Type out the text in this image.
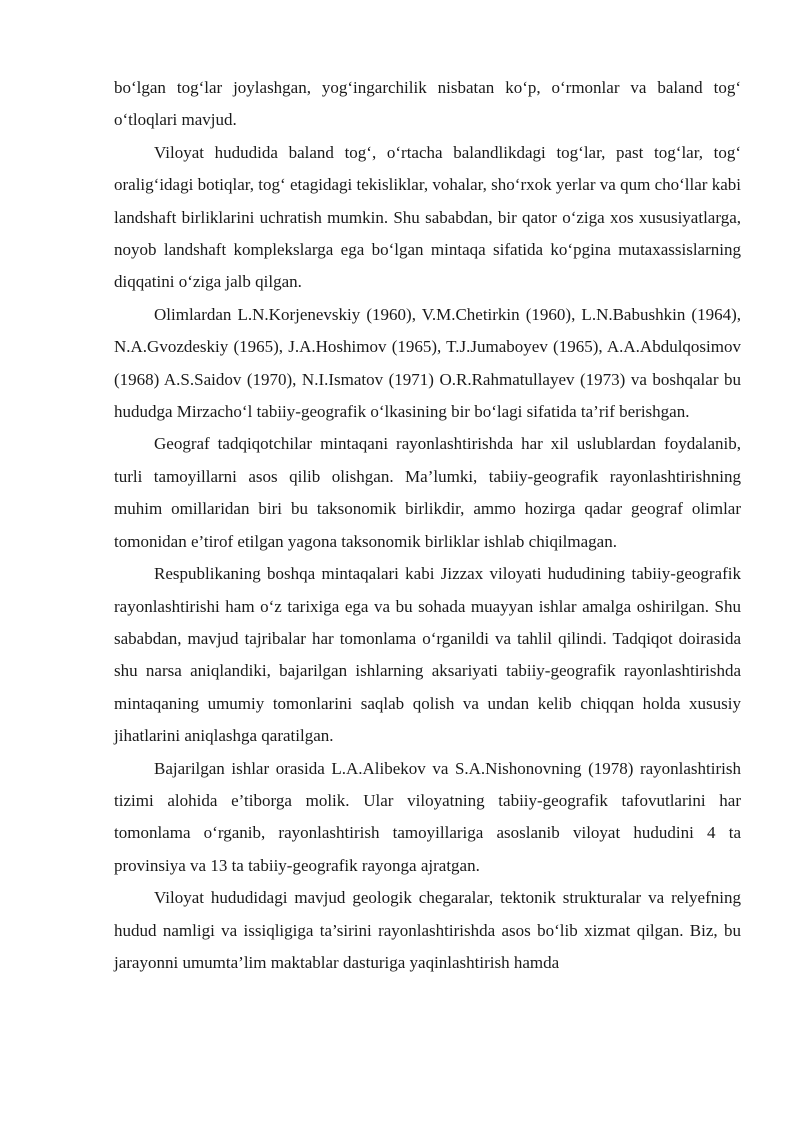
bo‘lgan tog‘lar joylashgan, yog‘ingarchilik nisbatan ko‘p, o‘rmonlar va baland tog‘ o‘tloqlari mavjud.

Viloyat hududida baland tog‘, o‘rtacha balandlikdagi tog‘lar, past tog‘lar, tog‘ oralig‘idagi botiqlar, tog‘ etagidagi tekisliklar, vohalar, sho‘rxok yerlar va qum cho‘llar kabi landshaft birliklarini uchratish mumkin. Shu sababdan, bir qator o‘ziga xos xususiyatlarga, noyob landshaft komplekslarga ega bo‘lgan mintaqa sifatida ko‘pgina mutaxassislarning diqqatini o‘ziga jalb qilgan.

Olimlardan L.N.Korjenevskiy (1960), V.M.Chetirkin (1960), L.N.Babushkin (1964), N.A.Gvozdeskiy (1965), J.A.Hoshimov (1965), T.J.Jumaboyev (1965), A.A.Abdulqosimov (1968) A.S.Saidov (1970), N.I.Ismatov (1971) O.R.Rahmatullayev (1973) va boshqalar bu hududga Mirzacho‘l tabiiy-geografik o‘lkasining bir bo‘lagi sifatida ta’rif berishgan.

Geograf tadqiqotchilar mintaqani rayonlashtirishda har xil uslublardan foydalanib, turli tamoyillarni asos qilib olishgan. Ma’lumki, tabiiy-geografik rayonlashtirishning muhim omillaridan biri bu taksonomik birlikdir, ammo hozirga qadar geograf olimlar tomonidan e’tirof etilgan yagona taksonomik birliklar ishlab chiqilmagan.

Respublikaning boshqa mintaqalari kabi Jizzax viloyati hududining tabiiy-geografik rayonlashtirishi ham o‘z tarixiga ega va bu sohada muayyan ishlar amalga oshirilgan. Shu sababdan, mavjud tajribalar har tomonlama o‘rganildi va tahlil qilindi. Tadqiqot doirasida shu narsa aniqlandiki, bajarilgan ishlarning aksariyati tabiiy-geografik rayonlashtirishda mintaqaning umumiy tomonlarini saqlab qolish va undan kelib chiqqan holda xususiy jihatlarini aniqlashga qaratilgan.

Bajarilgan ishlar orasida L.A.Alibekov va S.A.Nishonovning (1978) rayonlashtirish tizimi alohida e’tiborga molik. Ular viloyatning tabiiy-geografik tafovutlarini har tomonlama o‘rganib, rayonlashtirish tamoyillariga asoslanib viloyat hududini 4 ta provinsiya va 13 ta tabiiy-geografik rayonga ajratgan.

Viloyat hududidagi mavjud geologik chegaralar, tektonik strukturalar va relyefning hudud namligi va issiqligiga ta’sirini rayonlashtirishda asos bo‘lib xizmat qilgan. Biz, bu jarayonni umumta’lim maktablar dasturiga yaqinlashtirish hamda
